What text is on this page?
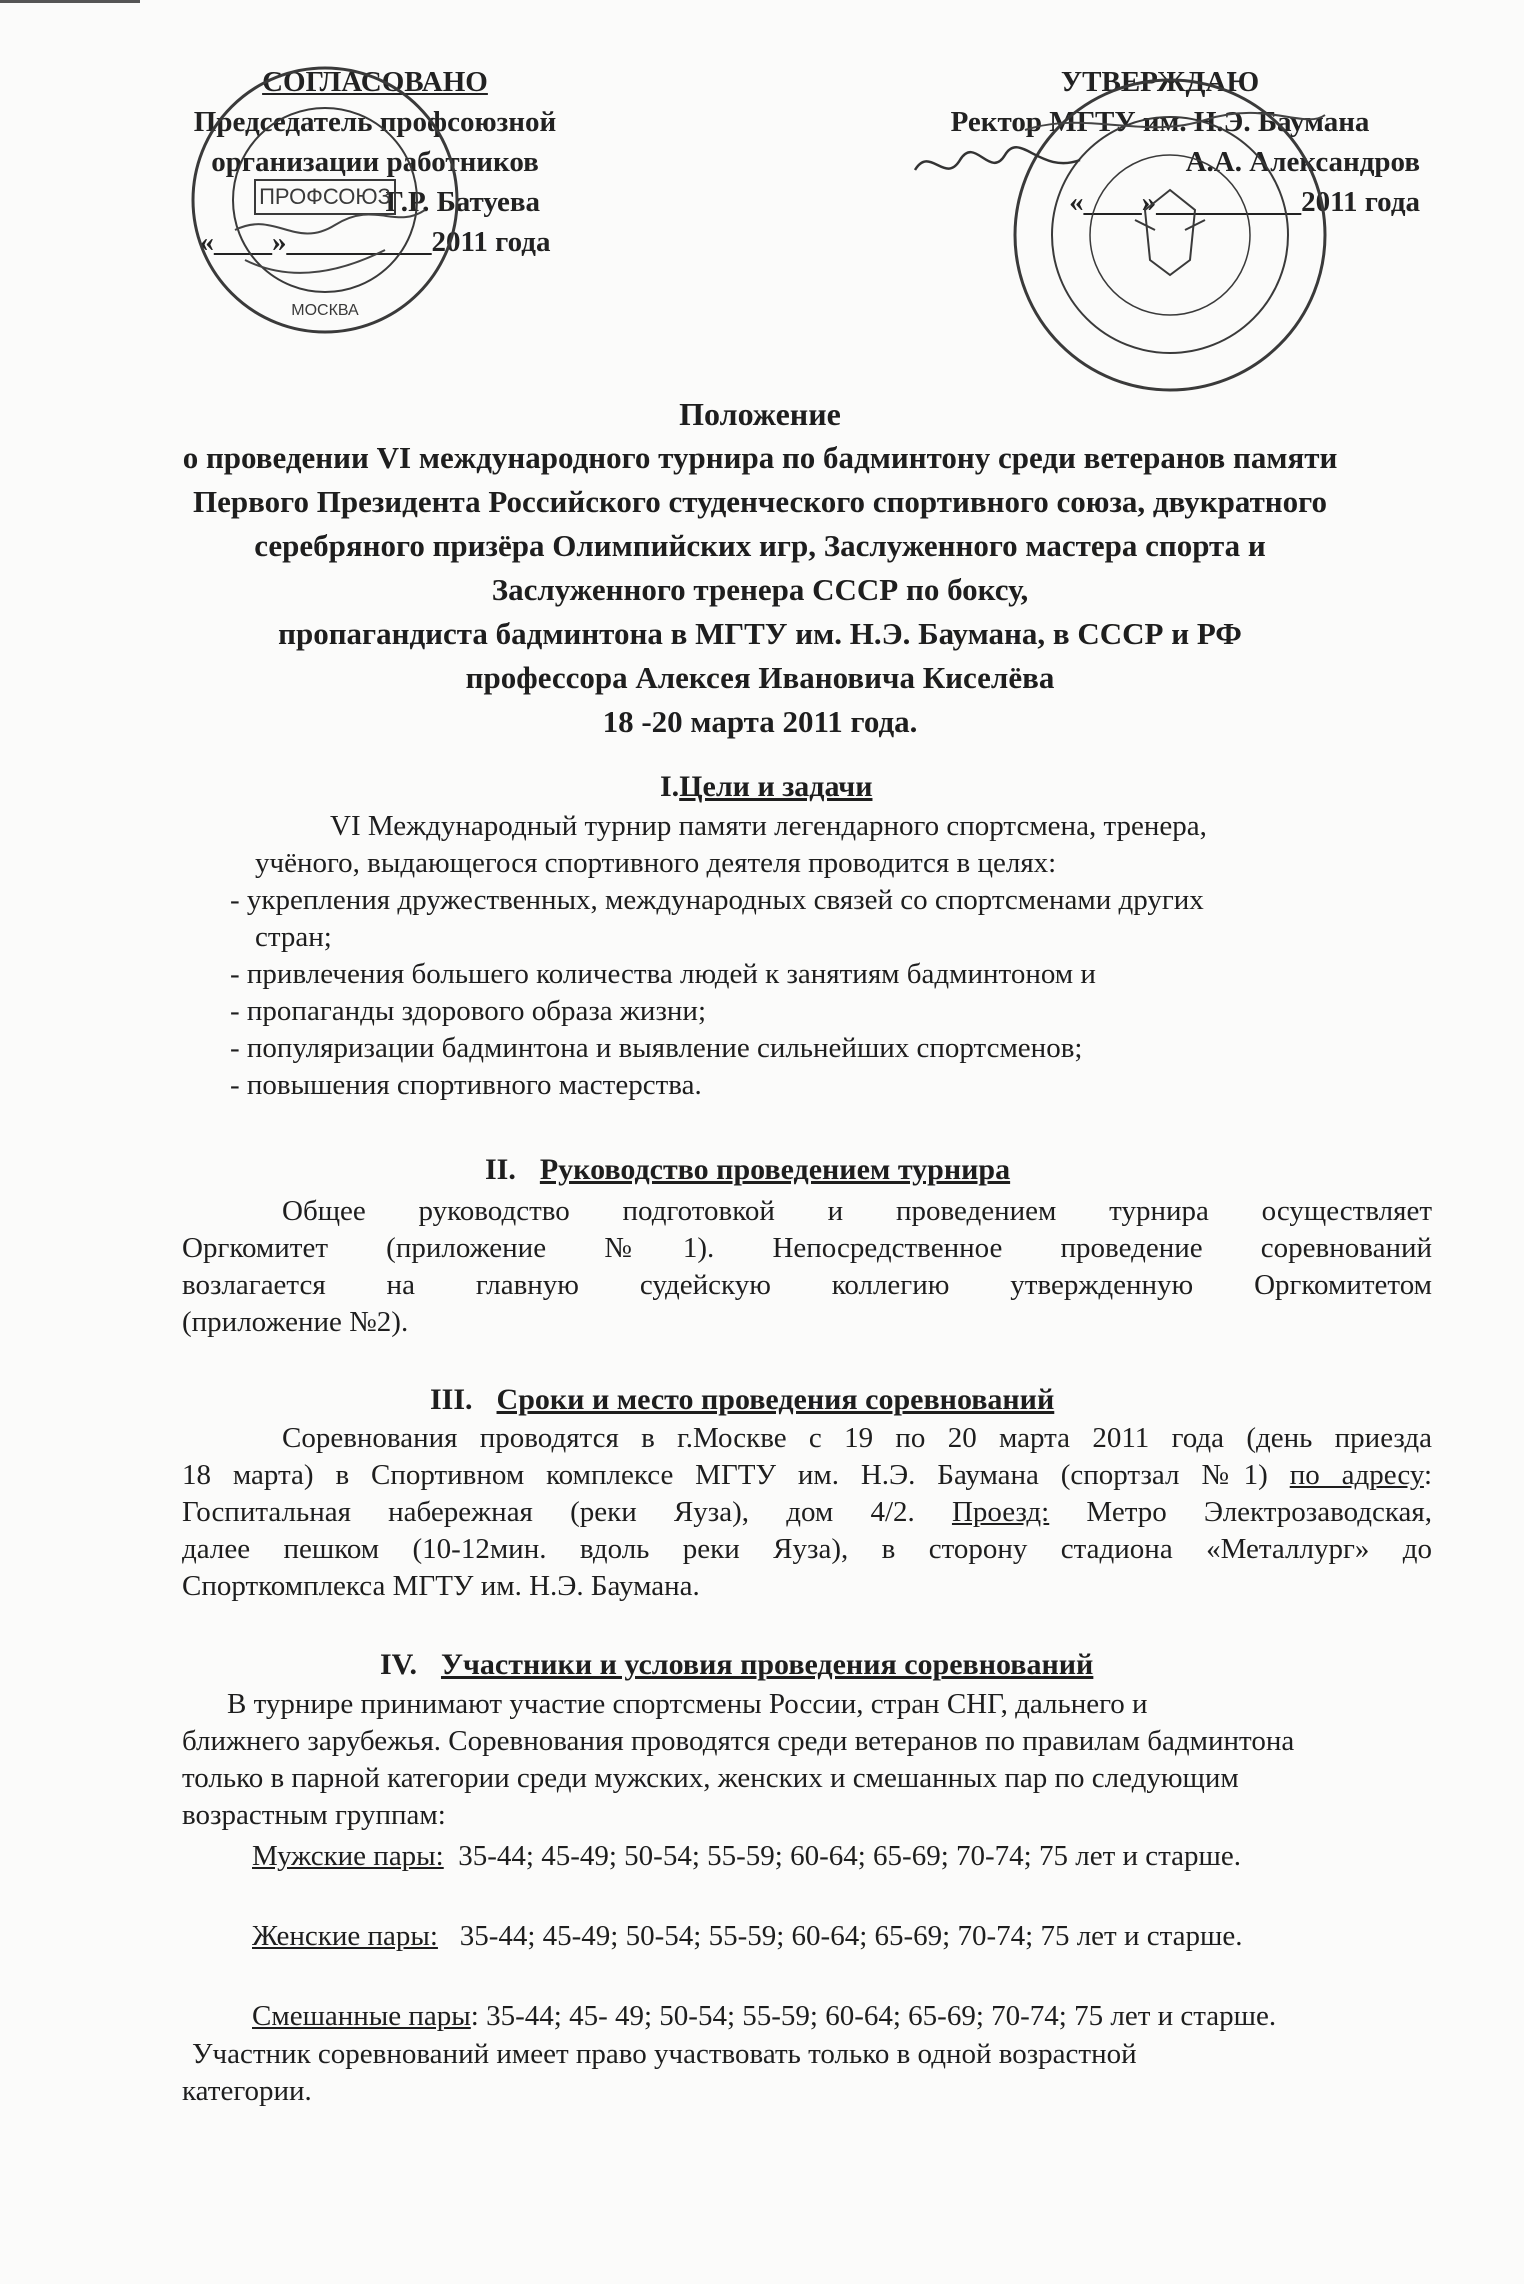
СОГЛАСОВАНО
Председатель профсоюзной
организации работников
Г.Р. Батуева
«____»__________2011 года
УТВЕРЖДАЮ
Ректор МГТУ им. Н.Э. Баумана
А.А. Александров
«____»__________2011 года
ПРОФСОЮЗ
МОСКВА
Положение
о проведении VI международного турнира по бадминтону среди ветеранов памяти
Первого Президента Российского студенческого спортивного союза, двукратного
серебряного призёра Олимпийских игр, Заслуженного мастера спорта и
Заслуженного тренера СССР по боксу,
пропагандиста бадминтона в МГТУ им. Н.Э. Баумана, в СССР и РФ
профессора Алексея Ивановича Киселёва
18 -20 марта 2011 года.
I.Цели и задачи
VI Международный турнир памяти легендарного спортсмена, тренера,
учёного, выдающегося спортивного деятеля проводится в целях:
- укрепления дружественных, международных связей со спортсменами других
стран;
- привлечения большего количества людей к занятиям бадминтоном и
- пропаганды здорового образа жизни;
- популяризации бадминтона и выявление сильнейших спортсменов;
- повышения спортивного мастерства.
II. Руководство проведением турнира
Общее руководство подготовкой и проведением турнира осуществляет
Оргкомитет (приложение №1). Непосредственное проведение соревнований
возлагается на главную судейскую коллегию утвержденную Оргкомитетом
(приложение №2).
III. Сроки и место проведения соревнований
Соревнования проводятся в г.Москве с 19 по 20 марта 2011 года (день приезда
18 марта) в Спортивном комплексе МГТУ им. Н.Э. Баумана (спортзал №1) по адресу:
Госпитальная набережная (реки Яуза), дом 4/2. Проезд: Метро Электрозаводская,
далее пешком (10-12мин. вдоль реки Яуза), в сторону стадиона «Металлург» до
Спорткомплекса МГТУ им. Н.Э. Баумана.
IV. Участники и условия проведения соревнований
В турнире принимают участие спортсмены России, стран СНГ, дальнего и
ближнего зарубежья. Соревнования проводятся среди ветеранов по правилам бадминтона
только в парной категории среди мужских, женских и смешанных пар по следующим
возрастным группам:
Мужские пары:  35-44; 45-49; 50-54; 55-59; 60-64; 65-69; 70-74; 75 лет и старше.
Женские пары:   35-44; 45-49; 50-54; 55-59; 60-64; 65-69; 70-74; 75 лет и старше.
Смешанные пары: 35-44; 45- 49; 50-54; 55-59; 60-64; 65-69; 70-74; 75 лет и старше.
Участник соревнований имеет право участвовать только в одной возрастной
категории.
